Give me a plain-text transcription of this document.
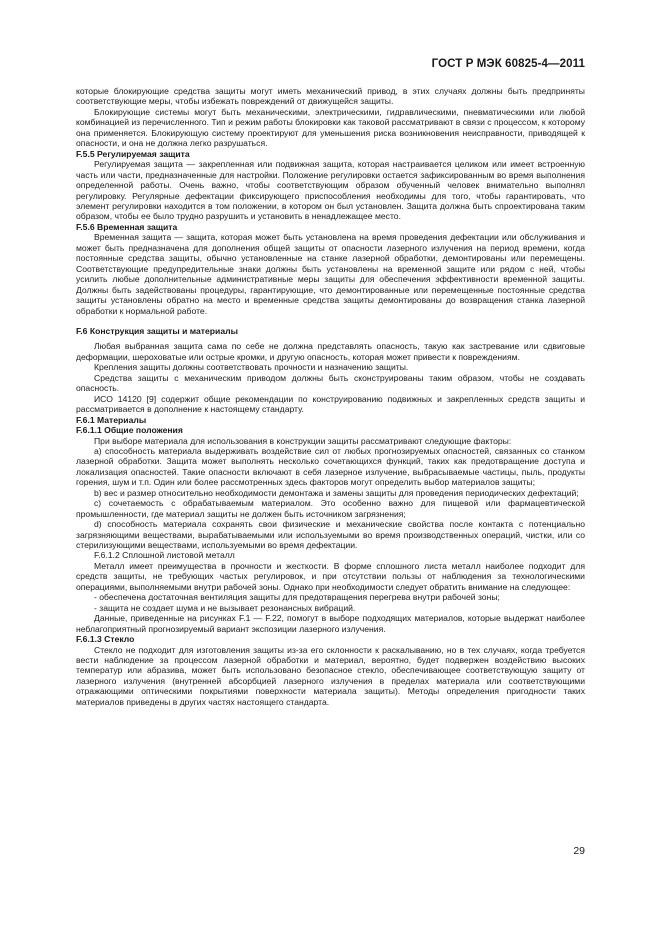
ГОСТ Р МЭК 60825-4—2011

которые блокирующие средства защиты могут иметь механический привод, в этих случаях должны быть предприняты соответствующие меры, чтобы избежать повреждений от движущейся защиты.

Блокирующие системы могут быть механическими, электрическими, гидравлическими, пневматическими или любой комбинацией из перечисленного. Тип и режим работы блокировки как таковой рассматривают в связи с процессом, к которому она применяется. Блокирующую систему проектируют для уменьшения риска возникновения неисправности, приводящей к опасности, и она не должна легко разрушаться.

F.5.5 Регулируемая защита

Регулируемая защита — закрепленная или подвижная защита, которая настраивается целиком или имеет встроенную часть или части, предназначенные для настройки. Положение регулировки остается зафиксированным во время выполнения определенной работы. Очень важно, чтобы соответствующим образом обученный человек внимательно выполнял регулировку. Регулярные дефектации фиксирующего приспособления необходимы для того, чтобы гарантировать, что элемент регулировки находится в том положении, в котором он был установлен. Защита должна быть спроектирована таким образом, чтобы ее было трудно разрушить и установить в ненадлежащее место.

F.5.6 Временная защита

Временная защита — защита, которая может быть установлена на время проведения дефектации или обслуживания и может быть предназначена для дополнения общей защиты от опасности лазерного излучения на период времени, когда постоянные средства защиты, обычно установленные на станке лазерной обработки, демонтированы или перемещены. Соответствующие предупредительные знаки должны быть установлены на временной защите или рядом с ней, чтобы усилить любые дополнительные административные меры защиты для обеспечения эффективности временной защиты. Должны быть задействованы процедуры, гарантирующие, что демонтированные или перемещенные постоянные средства защиты установлены обратно на место и временные средства защиты демонтированы до возвращения станка лазерной обработки к нормальной работе.

F.6 Конструкция защиты и материалы

Любая выбранная защита сама по себе не должна представлять опасность, такую как застревание или сдвиговые деформации, шероховатые или острые кромки, и другую опасность, которая может привести к повреждениям.

Крепления защиты должны соответствовать прочности и назначению защиты.

Средства защиты с механическим приводом должны быть сконструированы таким образом, чтобы не создавать опасность.

ИСО 14120 [9] содержит общие рекомендации по конструированию подвижных и закрепленных средств защиты и рассматривается в дополнение к настоящему стандарту.

F.6.1 Материалы

F.6.1.1 Общие положения

При выборе материала для использования в конструкции защиты рассматривают следующие факторы:

a) способность материала выдерживать воздействие сил от любых прогнозируемых опасностей, связанных со станком лазерной обработки. Защита может выполнять несколько сочетающихся функций, таких как предотвращение доступа и локализация опасностей. Такие опасности включают в себя лазерное излучение, выбрасываемые частицы, пыль, продукты горения, шум и т.п. Один или более рассмотренных здесь факторов могут определить выбор материалов защиты;

b) вес и размер относительно необходимости демонтажа и замены защиты для проведения периодических дефектаций;

c) сочетаемость с обрабатываемым материалом. Это особенно важно для пищевой или фармацевтической промышленности, где материал защиты не должен быть источником загрязнения;

d) способность материала сохранять свои физические и механические свойства после контакта с потенциально загрязняющими веществами, вырабатываемыми или используемыми во время производственных операций, чистки, или со стерилизующими веществами, используемыми во время дефектации.

F.6.1.2 Сплошной листовой металл

Металл имеет преимущества в прочности и жесткости. В форме сплошного листа металл наиболее подходит для средств защиты, не требующих частых регулировок, и при отсутствии пользы от наблюдения за технологическими операциями, выполняемыми внутри рабочей зоны. Однако при необходимости следует обратить внимание на следующее:

- обеспечена достаточная вентиляция защиты для предотвращения перегрева внутри рабочей зоны;

- защита не создает шума и не вызывает резонансных вибраций.

Данные, приведенные на рисунках F.1 — F.22, помогут в выборе подходящих материалов, которые выдержат наиболее неблагоприятный прогнозируемый вариант экспозиции лазерного излучения.

F.6.1.3 Стекло

Стекло не подходит для изготовления защиты из-за его склонности к раскалыванию, но в тех случаях, когда требуется вести наблюдение за процессом лазерной обработки и материал, вероятно, будет подвержен воздействию высоких температур или абразива, может быть использовано безопасное стекло, обеспечивающее соответствующую защиту от лазерного излучения (внутренней абсорбцией лазерного излучения в пределах материала или соответствующими отражающими оптическими покрытиями поверхности материала защиты). Методы определения пригодности таких материалов приведены в других частях настоящего стандарта.

29
